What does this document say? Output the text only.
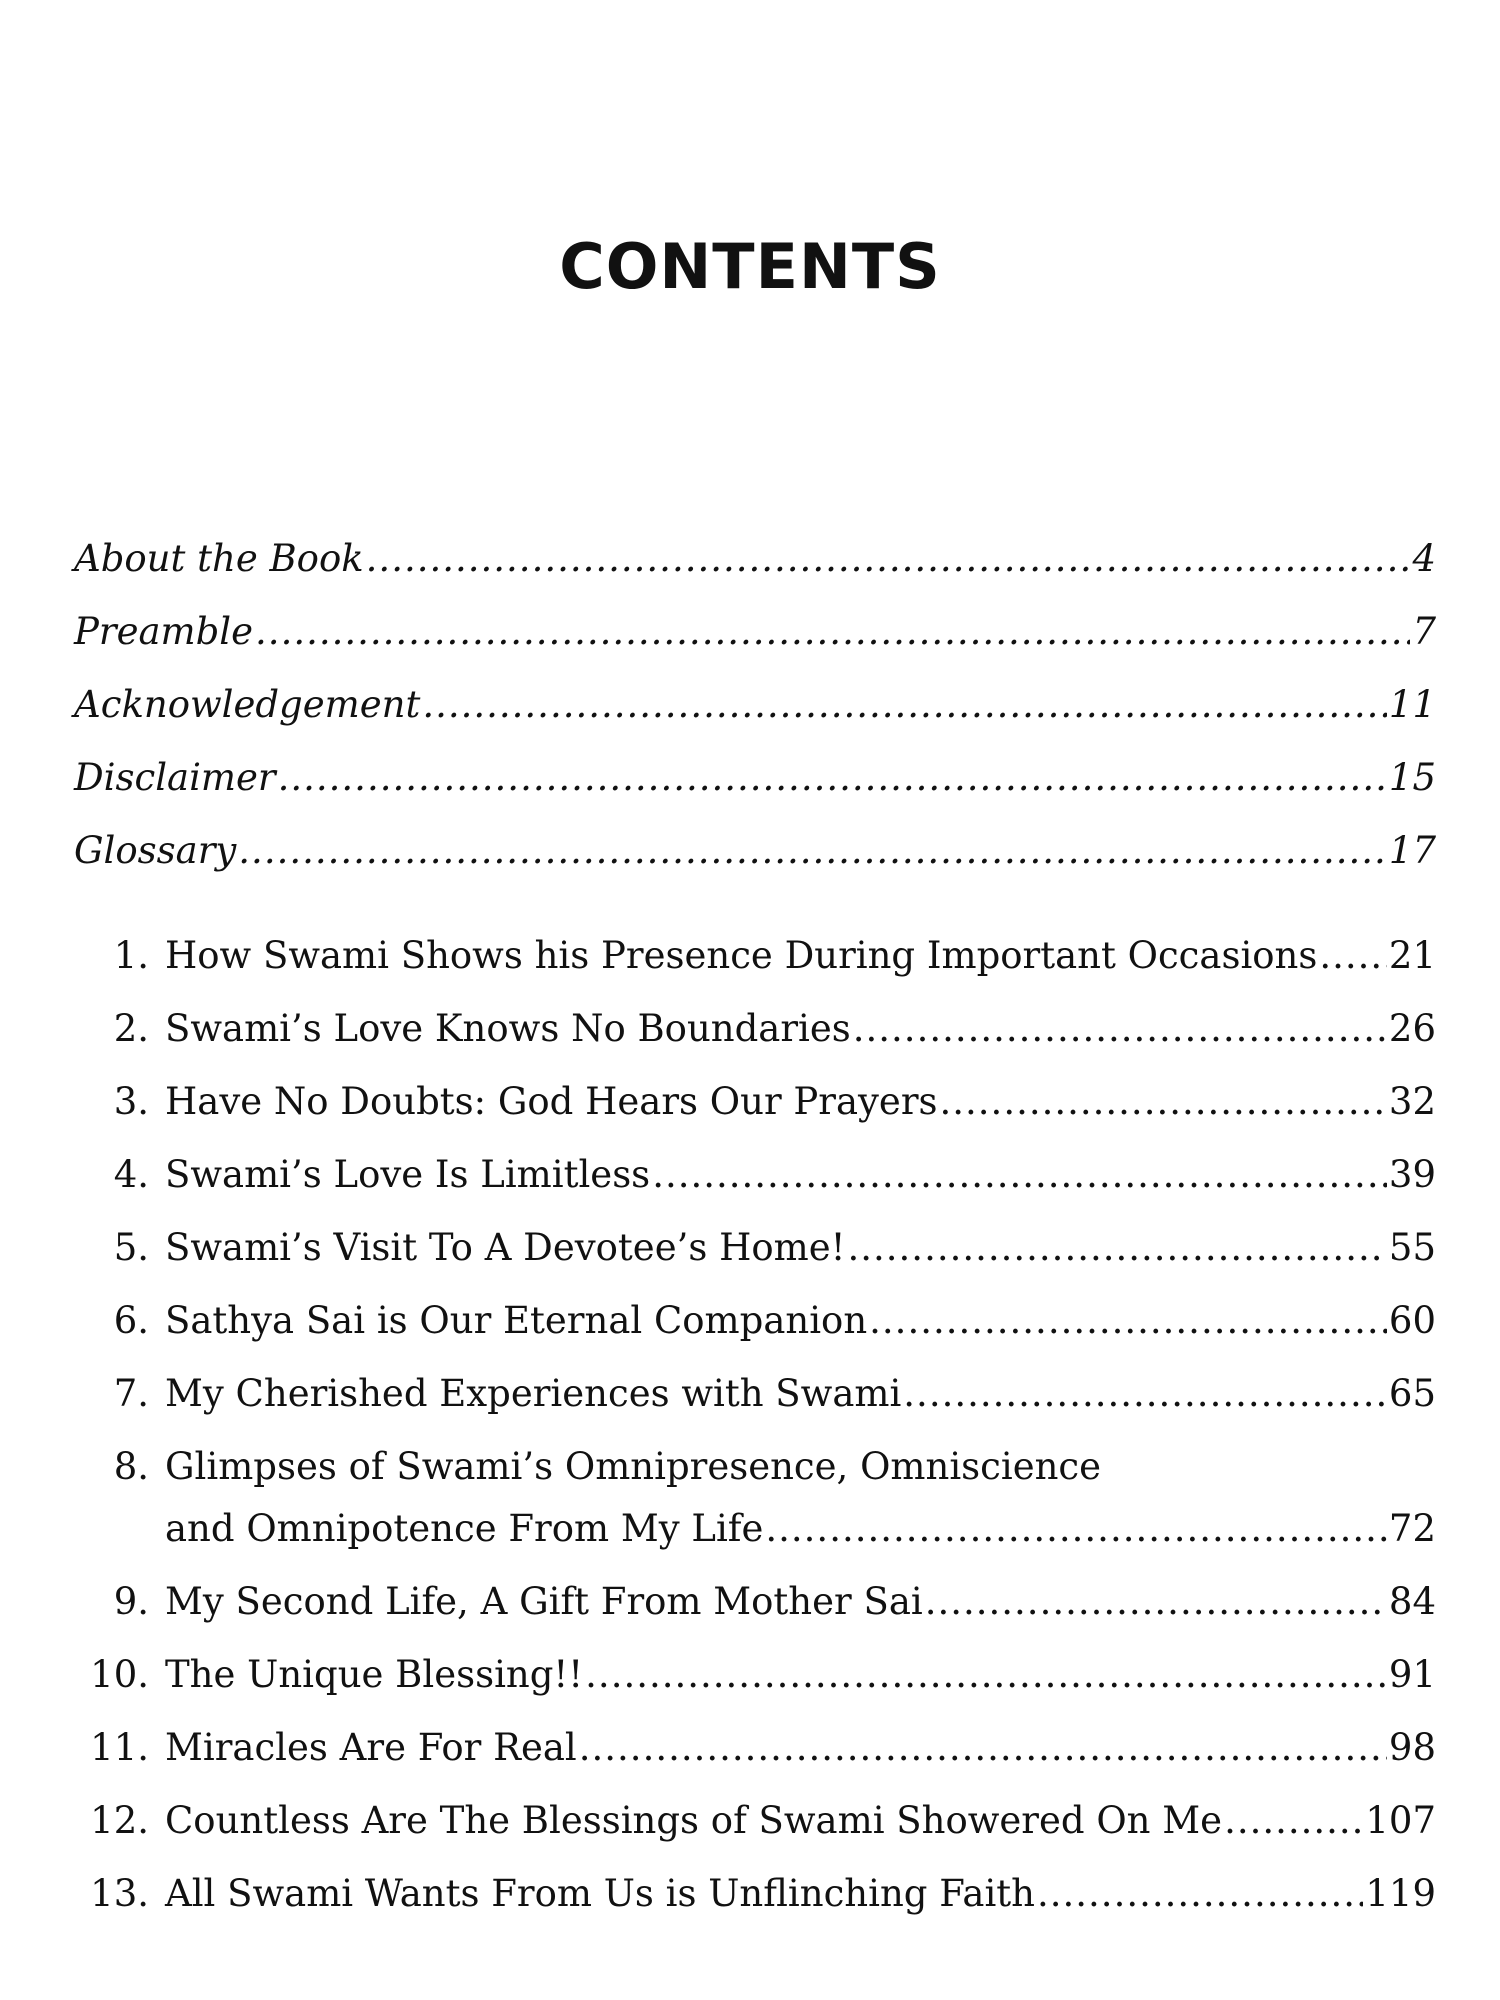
CONTENTS
About the Book .....	4
Preamble .....	7
Acknowledgement .....	11
Disclaimer .....	15
Glossary .....	17
1. How Swami Shows his Presence During Important Occasions ..... 21
2. Swami’s Love Knows No Boundaries .....	26
3. Have No Doubts: God Hears Our Prayers .....	32
4. Swami’s Love Is Limitless .....	39
5. Swami’s Visit To A Devotee’s Home! .....	55
6. Sathya Sai is Our Eternal Companion .....	60
7. My Cherished Experiences with Swami .....	65
8. Glimpses of Swami’s Omnipresence, Omniscience
and Omnipotence From My Life .....	72
9. My Second Life, A Gift From Mother Sai .....	84
10. The Unique Blessing!! .....	91
11. Miracles Are For Real .....	98
12. Countless Are The Blessings of Swami Showered On Me .....	107
13. All Swami Wants From Us is Unflinching Faith .....	119
